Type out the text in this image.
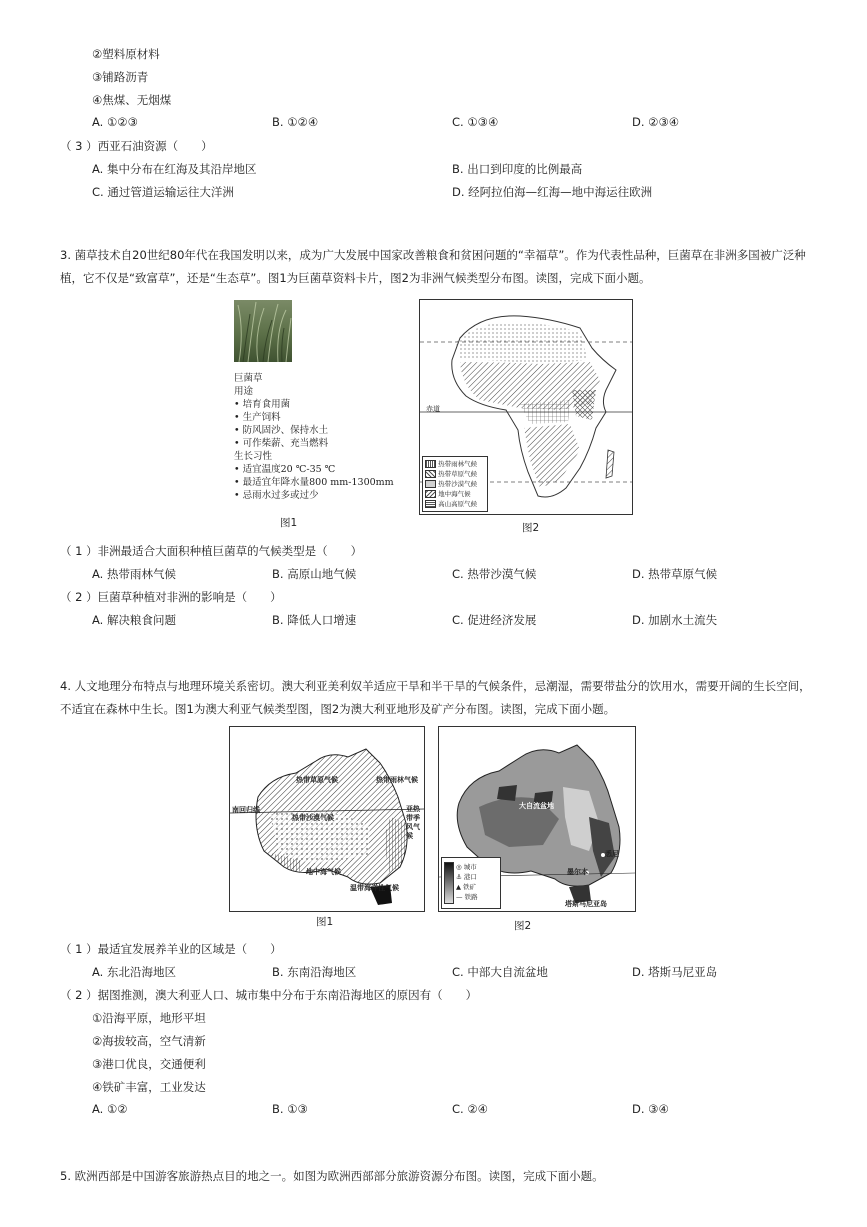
②塑料原材料
③铺路沥青
④焦煤、无烟煤
A. ①②③	B. ①②④	C. ①③④	D. ②③④
（ 3 ）西亚石油资源（　　）
A. 集中分布在红海及其沿岸地区	B. 出口到印度的比例最高
C. 通过管道运输运往大洋洲	D. 经阿拉伯海—红海—地中海运往欧洲
3. 菌草技术自20世纪80年代在我国发明以来，成为广大发展中国家改善粮食和贫困问题的“幸福草”。作为代表性品种，巨菌草在非洲多国被广泛种
植，它不仅是“致富草”，还是“生态草”。图1为巨菌草资料卡片，图2为非洲气候类型分布图。读图，完成下面小题。
巨菌草
用途
• 培育食用菌
• 生产饲料
• 防风固沙、保持水土
• 可作柴薪、充当燃料
生长习性
• 适宜温度20 ℃-35 ℃
• 最适宜年降水量800 mm-1300mm
• 忌雨水过多或过少
图1
赤道
热带雨林气候
热带草原气候
热带沙漠气候
地中海气候
高山高原气候
图2
（ 1 ）非洲最适合大面积种植巨菌草的气候类型是（　　）
A. 热带雨林气候	B. 高原山地气候	C. 热带沙漠气候	D. 热带草原气候
（ 2 ）巨菌草种植对非洲的影响是（　　）
A. 解决粮食问题	B. 降低人口增速	C. 促进经济发展	D. 加剧水土流失
4. 人文地理分布特点与地理环境关系密切。澳大利亚美利奴羊适应干旱和半干旱的气候条件，忌潮湿，需要带盐分的饮用水，需要开阔的生长空间，
不适宜在森林中生长。图1为澳大利亚气候类型图，图2为澳大利亚地形及矿产分布图。读图，完成下面小题。
热带草原气候	热带雨林气候
南回归线
热带沙漠气候
亚热带季风气候
地中海气候
温带海洋性气候
图1
大自流盆地
悉尼
墨尔本
塔斯马尼亚岛
◎ 城市
⚓ 港口
▲ 铁矿
— 铁路
图2
（ 1 ）最适宜发展养羊业的区域是（　　）
A. 东北沿海地区	B. 东南沿海地区	C. 中部大自流盆地	D. 塔斯马尼亚岛
（ 2 ）据图推测，澳大利亚人口、城市集中分布于东南沿海地区的原因有（　　）
①沿海平原，地形平坦
②海拔较高，空气清新
③港口优良，交通便利
④铁矿丰富，工业发达
A. ①②	B. ①③	C. ②④	D. ③④
5. 欧洲西部是中国游客旅游热点目的地之一。如图为欧洲西部部分旅游资源分布图。读图，完成下面小题。
